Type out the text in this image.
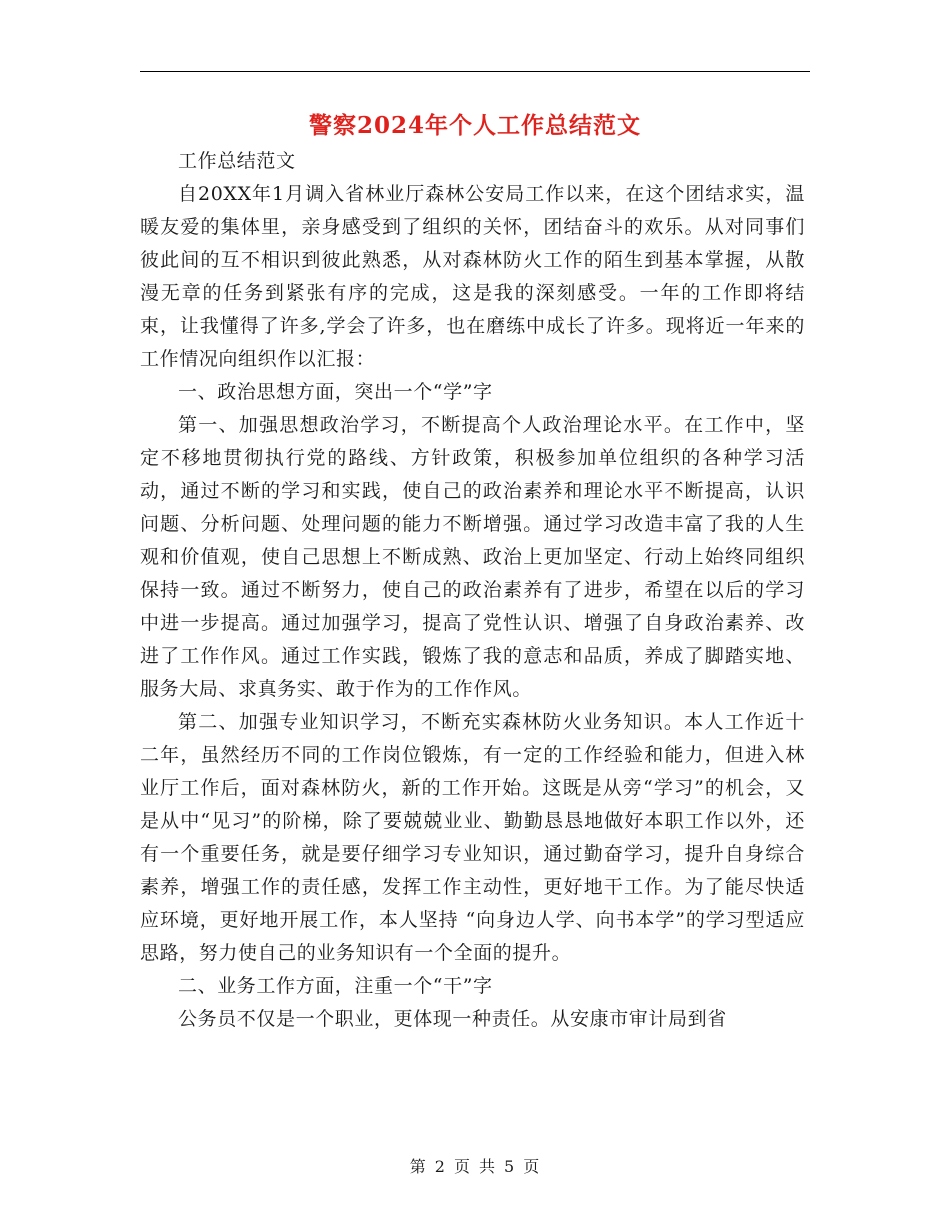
警察2024年个人工作总结范文

工作总结范文

自20XX年1月调入省林业厅森林公安局工作以来，在这个团结求实，温暖友爱的集体里，亲身感受到了组织的关怀，团结奋斗的欢乐。从对同事们彼此间的互不相识到彼此熟悉，从对森林防火工作的陌生到基本掌握，从散漫无章的任务到紧张有序的完成，这是我的深刻感受。一年的工作即将结束，让我懂得了许多,学会了许多，也在磨练中成长了许多。现将近一年来的工作情况向组织作以汇报：

一、政治思想方面，突出一个“学”字

第一、加强思想政治学习，不断提高个人政治理论水平。在工作中，坚定不移地贯彻执行党的路线、方针政策，积极参加单位组织的各种学习活动，通过不断的学习和实践，使自己的政治素养和理论水平不断提高，认识问题、分析问题、处理问题的能力不断增强。通过学习改造丰富了我的人生观和价值观，使自己思想上不断成熟、政治上更加坚定、行动上始终同组织保持一致。通过不断努力，使自己的政治素养有了进步，希望在以后的学习中进一步提高。通过加强学习，提高了党性认识、增强了自身政治素养、改进了工作作风。通过工作实践，锻炼了我的意志和品质，养成了脚踏实地、服务大局、求真务实、敢于作为的工作作风。

第二、加强专业知识学习，不断充实森林防火业务知识。本人工作近十二年，虽然经历不同的工作岗位锻炼，有一定的工作经验和能力，但进入林业厅工作后，面对森林防火，新的工作开始。这既是从旁“学习”的机会，又是从中“见习”的阶梯，除了要兢兢业业、勤勤恳恳地做好本职工作以外，还有一个重要任务，就是要仔细学习专业知识，通过勤奋学习，提升自身综合素养，增强工作的责任感，发挥工作主动性，更好地干工作。为了能尽快适应环境，更好地开展工作，本人坚持 “向身边人学、向书本学”的学习型适应思路，努力使自己的业务知识有一个全面的提升。

二、业务工作方面，注重一个“干”字

公务员不仅是一个职业，更体现一种责任。从安康市审计局到省

第 2 页 共 5 页
